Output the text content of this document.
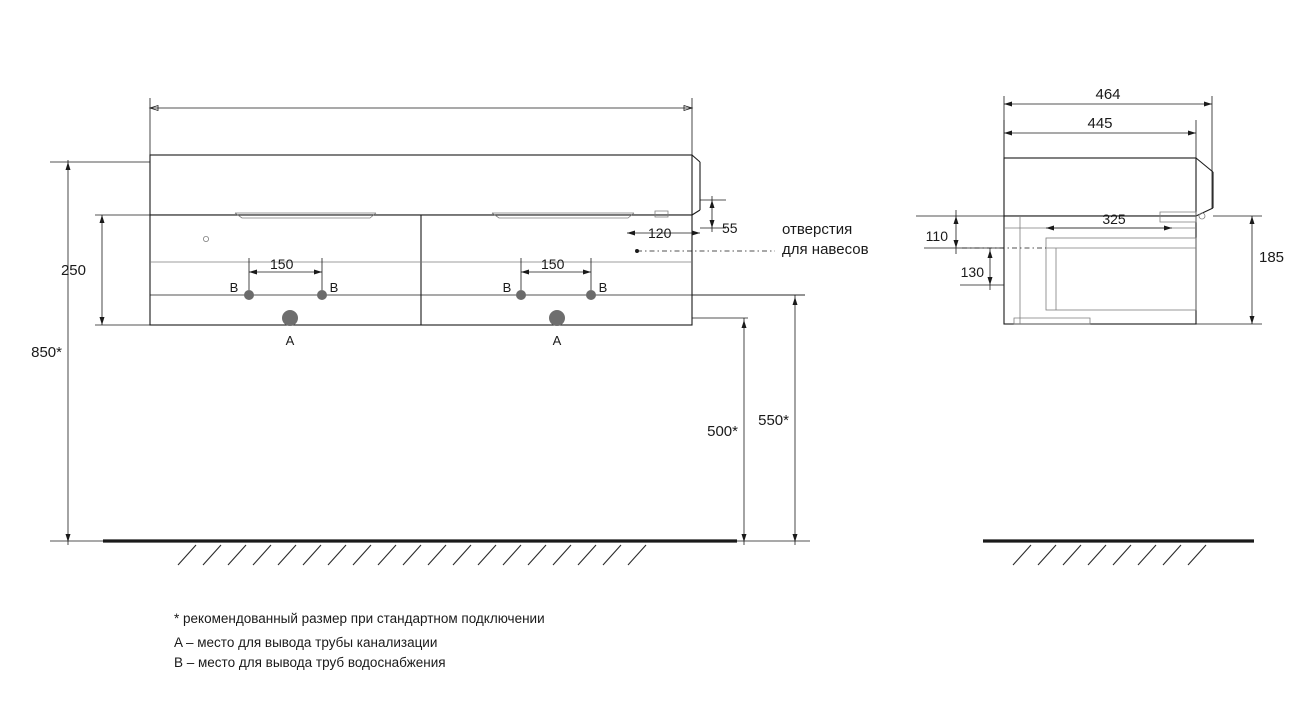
55
120	отверстия
для навесов
250
850*
150	150
B	B	B	B
A	A
500*
550*
464
445
325
185
110
130
* рекомендованный размер при стандартном подключении
A – место для вывода трубы канализации
B – место для вывода труб водоснабжения
